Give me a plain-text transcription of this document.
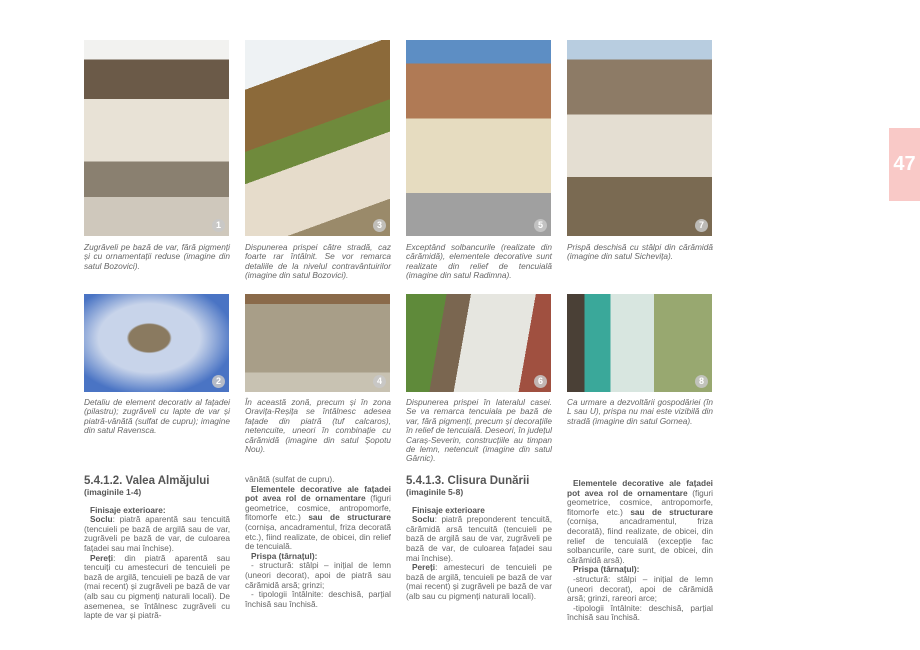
47
1	3	5	7
Zugrăveli pe bază de var, fără pigmenți și cu ornamentații reduse (imagine din satul Bozovici).
Dispunerea prispei către stradă, caz foarte rar întâlnit. Se vor remarca detaliile de la nivelul contravântuirilor (imagine din satul Bozovici).
Exceptând solbancurile (realizate din cărămidă), elementele decorative sunt realizate din relief de tencuială (imagine din satul Radimna).
Prispă deschisă cu stâlpi din cărămidă (imagine din satul Sichevița).
2	4	6	8
Detaliu de element decorativ al fațadei (pilastru); zugrăveli cu lapte de var și piatră-vânătă (sulfat de cupru); imagine din satul Ravensca.
În această zonă, precum și în zona Oravița-Reșița se întâlnesc adesea fațade din piatră (tuf calcaros), netencuite, uneori în combinație cu cărămidă (imagine din satul Șopotu Nou).
Dispunerea prispei în lateralul casei. Se va remarca tencuiala pe bază de var, fără pigmenți, precum și decorațiile în relief de tencuială. Deseori, în județul Caraș-Severin, construcțiile au timpan de lemn, netencuit (imagine din satul Gârnic).
Ca urmare a dezvoltării gospodăriei (în L sau U), prispa nu mai este vizibilă din stradă (imagine din satul Gornea).
5.4.1.2. Valea Almăjului
(imaginile 1-4)

Finisaje exterioare:

Soclu: piatră aparentă sau tencuită (tencuieli pe bază de argilă sau de var, zugrăveli pe bază de var, de culoarea fațadei sau mai închise).

Pereți: din piatră aparentă sau tencuiți cu amestecuri de tencuieli pe bază de argilă, tencuieli pe bază de var (mai recent) și zugrăveli pe bază de var (alb sau cu pigmenți naturali locali). De asemenea, se întâlnesc zugrăveli cu lapte de var și piatră-

vânătă (sulfat de cupru).

Elementele decorative ale fațadei pot avea rol de ornamentare (figuri geometrice, cosmice, antropomorfe, fitomorfe etc.) sau de structurare (cornișa, ancadramentul, friza decorată etc.), fiind realizate, de obicei, din relief de tencuială.

Prispa (târnațul):

- structură: stâlpi – inițial de lemn (uneori decorat), apoi de piatră sau cărămidă arsă; grinzi;

- tipologii întâlnite: deschisă, parțial închisă sau închisă.

5.4.1.3. Clisura Dunării
(imaginile 5-8)

Finisaje exterioare

Soclu: piatră preponderent tencuită, cărămidă arsă tencuită (tencuieli pe bază de argilă sau de var, zugrăveli pe bază de var, de culoarea fațadei sau mai închise).

Pereți: amestecuri de tencuieli pe bază de argilă, tencuieli pe bază de var (mai recent) și zugrăveli pe bază de var (alb sau cu pigmenți naturali locali).

Elementele decorative ale fațadei pot avea rol de ornamentare (figuri geometrice, cosmice, antropomorfe, fitomorfe etc.) sau de structurare (cornișa, ancadramentul, friza decorată), fiind realizate, de obicei, din relief de tencuială (excepție fac solbancurile, care sunt, de obicei, din cărămidă arsă).

Prispa (târnațul):

-structură: stâlpi – inițial de lemn (uneori decorat), apoi de cărămidă arsă; grinzi, rareori arce;

-tipologii întâlnite: deschisă, parțial închisă sau închisă.
